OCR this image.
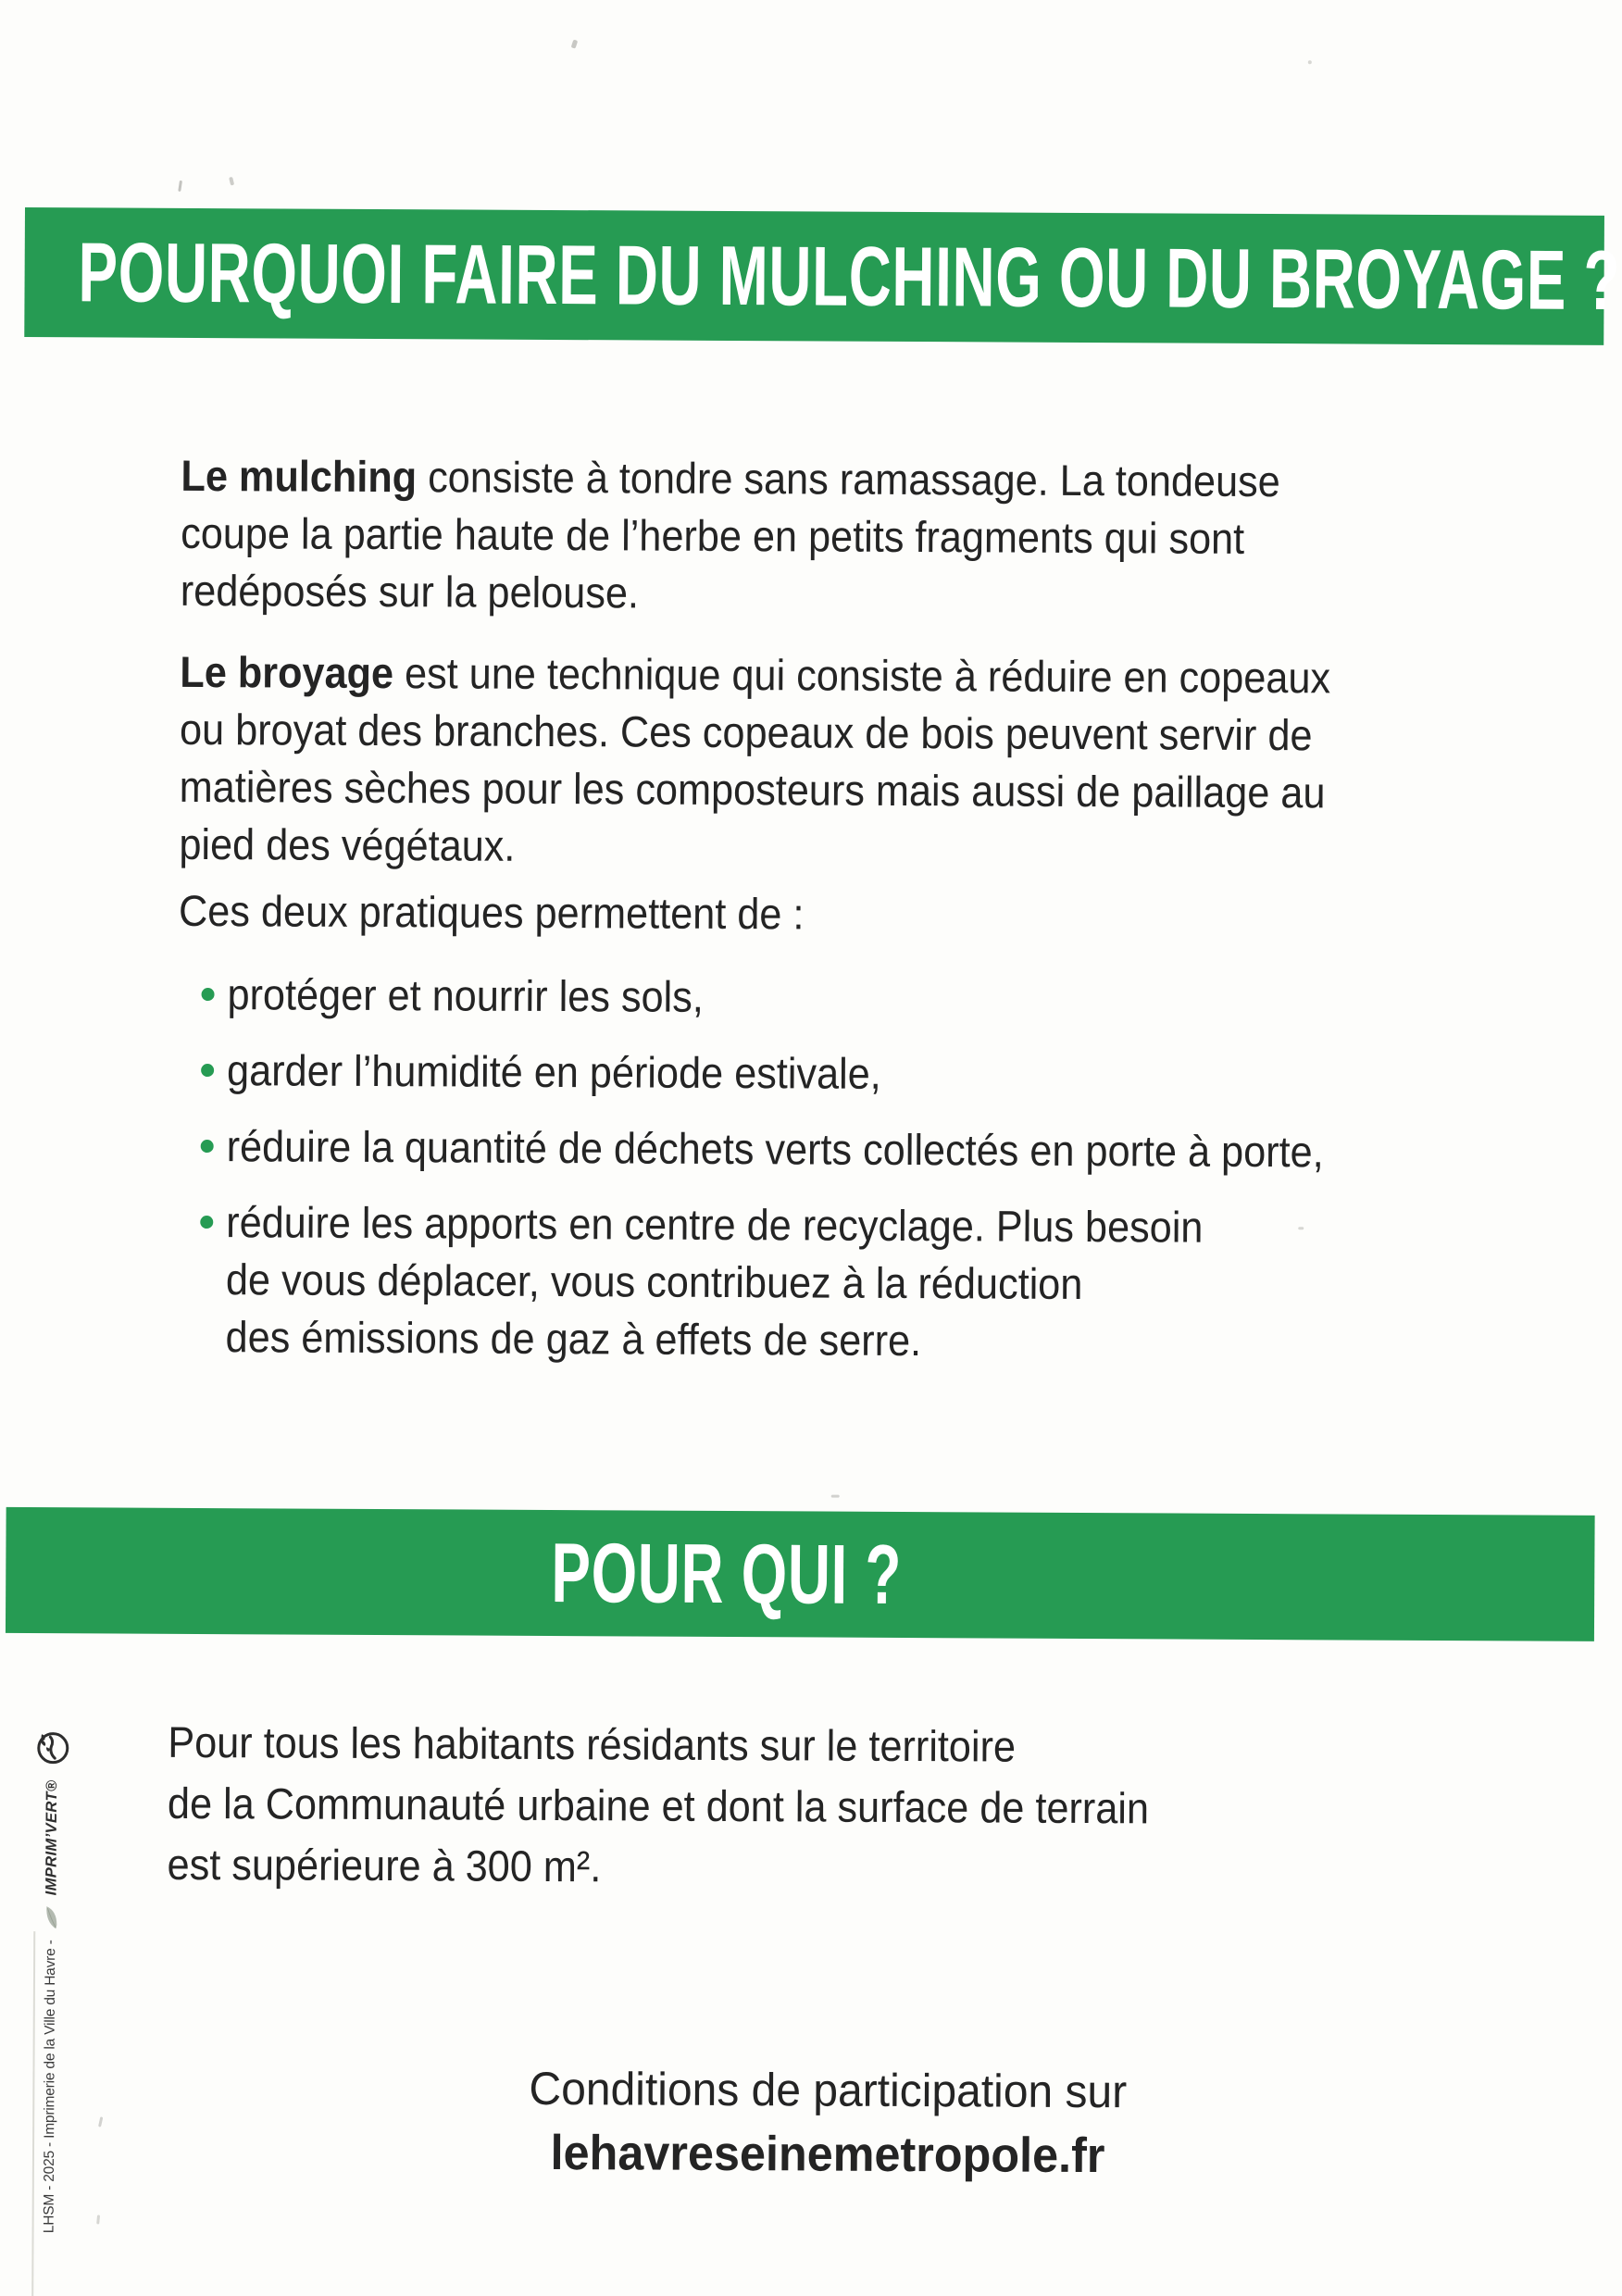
POURQUOI FAIRE DU MULCHING OU DU BROYAGE ?
Le mulching consiste à tondre sans ramassage. La tondeuse
coupe la partie haute de l’herbe en petits fragments qui sont
redéposés sur la pelouse.
Le broyage est une technique qui consiste à réduire en copeaux
ou broyat des branches. Ces copeaux de bois peuvent servir de
matières sèches pour les composteurs mais aussi de paillage au
pied des végétaux.
Ces deux pratiques permettent de :
protéger et nourrir les sols,
garder l’humidité en période estivale,
réduire la quantité de déchets verts collectés en porte à porte,
réduire les apports en centre de recyclage. Plus besoin
de vous déplacer, vous contribuez à la réduction
des émissions de gaz à effets de serre.
POUR QUI ?
Pour tous les habitants résidants sur le territoire
de la Communauté urbaine et dont la surface de terrain
est supérieure à 300 m².
Conditions de participation sur
lehavreseinemetropole.fr
LHSM - 2025 - Imprimerie de la Ville du Havre -
IMPRIM’VERT®
